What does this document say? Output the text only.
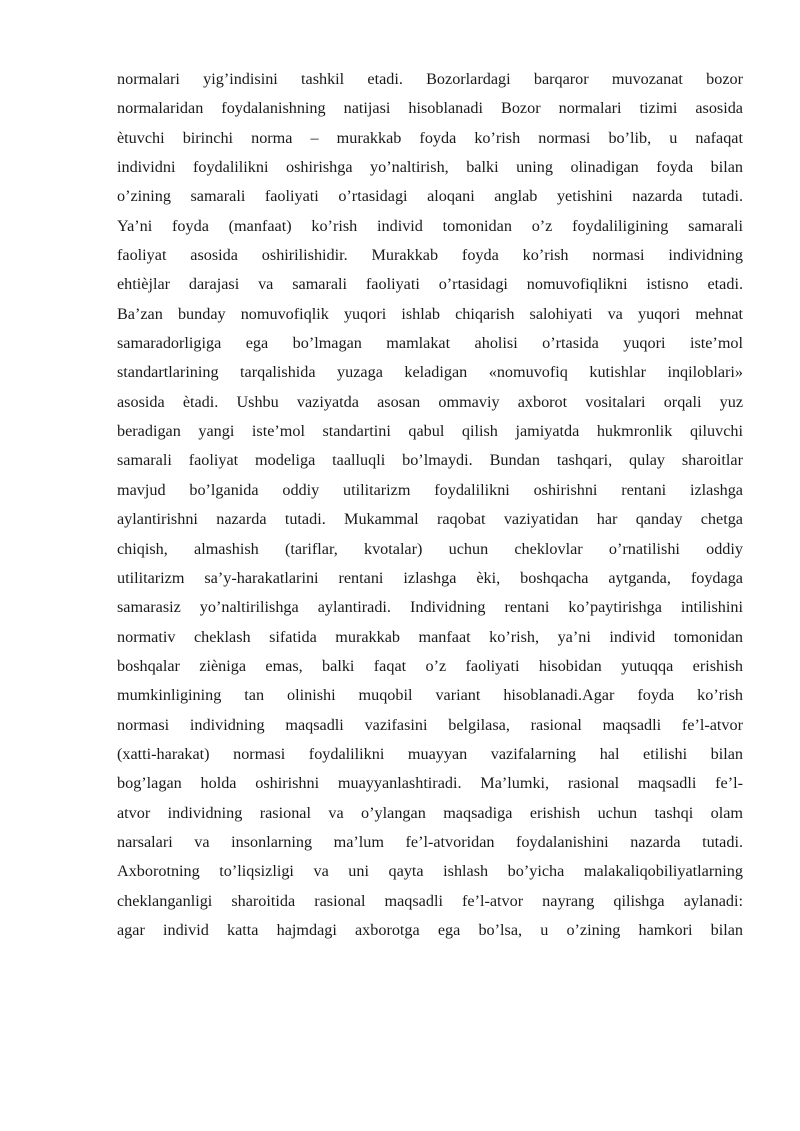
normalari yig’indisini tashkil etadi. Bozorlardagi barqaror muvozanat bozor

normalaridan foydalanishning natijasi hisoblanadi Bozor normalari tizimi asosida

ètuvchi birinchi norma – murakkab foyda ko’rish normasi bo’lib, u nafaqat

individni foydalilikni oshirishga yo’naltirish, balki uning olinadigan foyda bilan

o’zining samarali faoliyati o’rtasidagi aloqani anglab yetishini nazarda tutadi.

Ya’ni foyda (manfaat) ko’rish individ tomonidan o’z foydaliligining samarali

faoliyat asosida oshirilishidir. Murakkab foyda ko’rish normasi individning

ehtièjlar darajasi va samarali faoliyati o’rtasidagi nomuvofiqlikni istisno etadi.

Ba’zan bunday nomuvofiqlik yuqori ishlab chiqarish salohiyati va yuqori mehnat

samaradorligiga ega bo’lmagan mamlakat aholisi o’rtasida yuqori iste’mol

standartlarining tarqalishida yuzaga keladigan «nomuvofiq kutishlar inqiloblari»

asosida ètadi. Ushbu vaziyatda asosan ommaviy axborot vositalari orqali yuz

beradigan yangi iste’mol standartini qabul qilish jamiyatda hukmronlik qiluvchi

samarali faoliyat modeliga taalluqli bo’lmaydi. Bundan tashqari, qulay sharoitlar

mavjud bo’lganida oddiy utilitarizm foydalilikni oshirishni rentani izlashga

aylantirishni nazarda tutadi. Mukammal raqobat vaziyatidan har qanday chetga

chiqish, almashish (tariflar, kvotalar) uchun cheklovlar o’rnatilishi oddiy

utilitarizm sa’y-harakatlarini rentani izlashga èki, boshqacha aytganda, foydaga

samarasiz yo’naltirilishga aylantiradi. Individning rentani ko’paytirishga intilishini

normativ cheklash sifatida murakkab manfaat ko’rish, ya’ni individ tomonidan

boshqalar zièniga emas, balki faqat o’z faoliyati hisobidan yutuqqa erishish

mumkinligining tan olinishi muqobil variant hisoblanadi.Agar foyda ko’rish

normasi individning maqsadli vazifasini belgilasa, rasional maqsadli fe’l-atvor

(xatti-harakat) normasi foydalilikni muayyan vazifalarning hal etilishi bilan

bog’lagan holda oshirishni muayyanlashtiradi. Ma’lumki, rasional maqsadli fe’l-

atvor individning rasional va o’ylangan maqsadiga erishish uchun tashqi olam

narsalari va insonlarning ma’lum fe’l-atvoridan foydalanishini nazarda tutadi.

Axborotning to’liqsizligi va uni qayta ishlash bo’yicha malakaliqobiliyatlarning

cheklanganligi sharoitida rasional maqsadli fe’l-atvor nayrang qilishga aylanadi:

agar individ katta hajmdagi axborotga ega bo’lsa, u o’zining hamkori bilan
